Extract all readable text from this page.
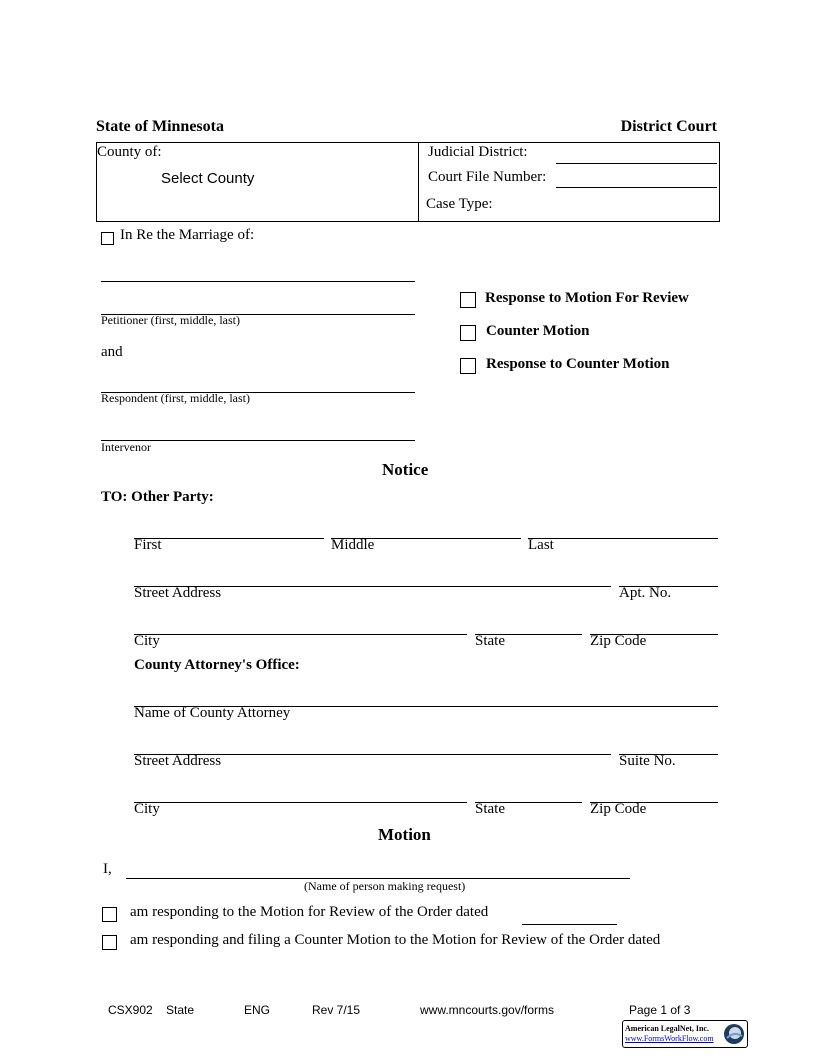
State of Minnesota	District Court
County of:
Select County
Judicial District:
Court File Number:
Case Type:
In Re the Marriage of:
Petitioner (first, middle, last)
and
Respondent (first, middle, last)
Intervenor
Response to Motion For Review
Counter Motion
Response to Counter Motion
Notice
TO: Other Party:
First	Middle	Last
Street Address	Apt. No.
City	State	Zip Code
County Attorney's Office:
Name of County Attorney
Street Address	Suite No.
City	State	Zip Code
Motion
I,
(Name of person making request)
am responding to the Motion for Review of the Order dated
am responding and filing a Counter Motion to the Motion for Review of the Order dated
CSX902 State	ENG	Rev 7/15	www.mncourts.gov/forms	Page 1 of 3
American LegalNet, Inc.
www.FormsWorkFlow.com
